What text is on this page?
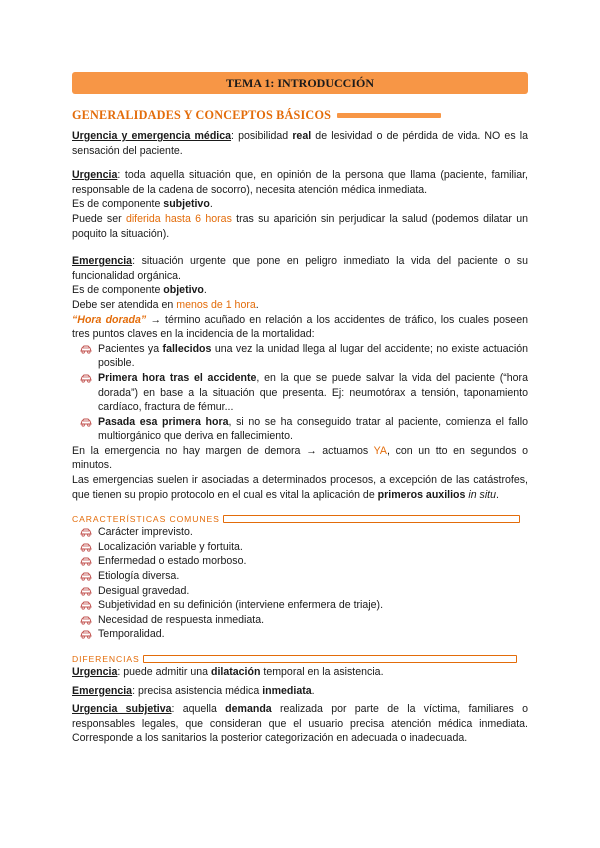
TEMA 1: INTRODUCCIÓN
GENERALIDADES Y CONCEPTOS BÁSICOS

Urgencia y emergencia médica: posibilidad real de lesividad o de pérdida de vida. NO es la sensación del paciente.

Urgencia: toda aquella situación que, en opinión de la persona que llama (paciente, familiar, responsable de la cadena de socorro), necesita atención médica inmediata.

Es de componente subjetivo.

Puede ser diferida hasta 6 horas tras su aparición sin perjudicar la salud (podemos dilatar un poquito la situación).

Emergencia: situación urgente que pone en peligro inmediato la vida del paciente o su funcionalidad orgánica.

Es de componente objetivo.

Debe ser atendida en menos de 1 hora.

“Hora dorada” → término acuñado en relación a los accidentes de tráfico, los cuales poseen tres puntos claves en la incidencia de la mortalidad:

Pacientes ya fallecidos una vez la unidad llega al lugar del accidente; no existe actuación posible.
Primera hora tras el accidente, en la que se puede salvar la vida del paciente (“hora dorada”) en base a la situación que presenta. Ej: neumotórax a tensión, taponamiento cardíaco, fractura de fémur...
Pasada esa primera hora, si no se ha conseguido tratar al paciente, comienza el fallo multiorgánico que deriva en fallecimiento.

En la emergencia no hay margen de demora → actuamos YA, con un tto en segundos o minutos.

Las emergencias suelen ir asociadas a determinados procesos, a excepción de las catástrofes, que tienen su propio protocolo en el cual es vital la aplicación de primeros auxilios in situ.

CARACTERÍSTICAS COMUNES
Carácter imprevisto.
Localización variable y fortuita.
Enfermedad o estado morboso.
Etiología diversa.
Desigual gravedad.
Subjetividad en su definición (interviene enfermera de triaje).
Necesidad de respuesta inmediata.
Temporalidad.
DIFERENCIAS

Urgencia: puede admitir una dilatación temporal en la asistencia.

Emergencia: precisa asistencia médica inmediata.

Urgencia subjetiva: aquella demanda realizada por parte de la víctima, familiares o responsables legales, que consideran que el usuario precisa atención médica inmediata. Corresponde a los sanitarios la posterior categorización en adecuada o inadecuada.
